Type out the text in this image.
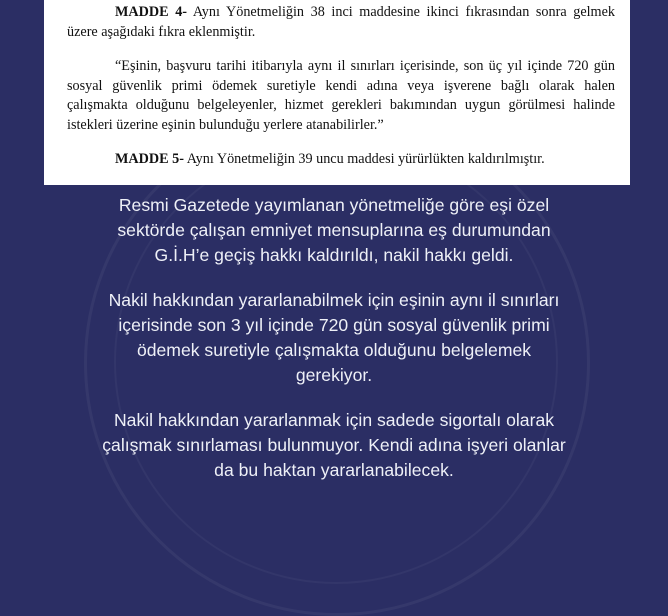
MADDE 4- Aynı Yönetmeliğin 38 inci maddesine ikinci fıkrasından sonra gelmek
üzere aşağıdaki fıkra eklenmiştir.
“Eşinin, başvuru tarihi itibarıyla aynı il sınırları içerisinde, son üç yıl içinde 720 gün
sosyal güvenlik primi ödemek suretiyle kendi adına veya işverene bağlı olarak halen
çalışmakta olduğunu belgeleyenler, hizmet gerekleri bakımından uygun görülmesi halinde
istekleri üzerine eşinin bulunduğu yerlere atanabilirler.”
MADDE 5- Aynı Yönetmeliğin 39 uncu maddesi yürürlükten kaldırılmıştır.

Resmi Gazetede yayımlanan yönetmeliğe göre eşi özel

sektörde çalışan emniyet mensuplarına eş durumundan

G.İ.H’e geçiş hakkı kaldırıldı, nakil hakkı geldi.

Nakil hakkından yararlanabilmek için eşinin aynı il sınırları

içerisinde son 3 yıl içinde 720 gün sosyal güvenlik primi

ödemek suretiyle çalışmakta olduğunu belgelemek

gerekiyor.

Nakil hakkından yararlanmak için sadede sigortalı olarak

çalışmak sınırlaması bulunmuyor. Kendi adına işyeri olanlar

da bu haktan yararlanabilecek.
